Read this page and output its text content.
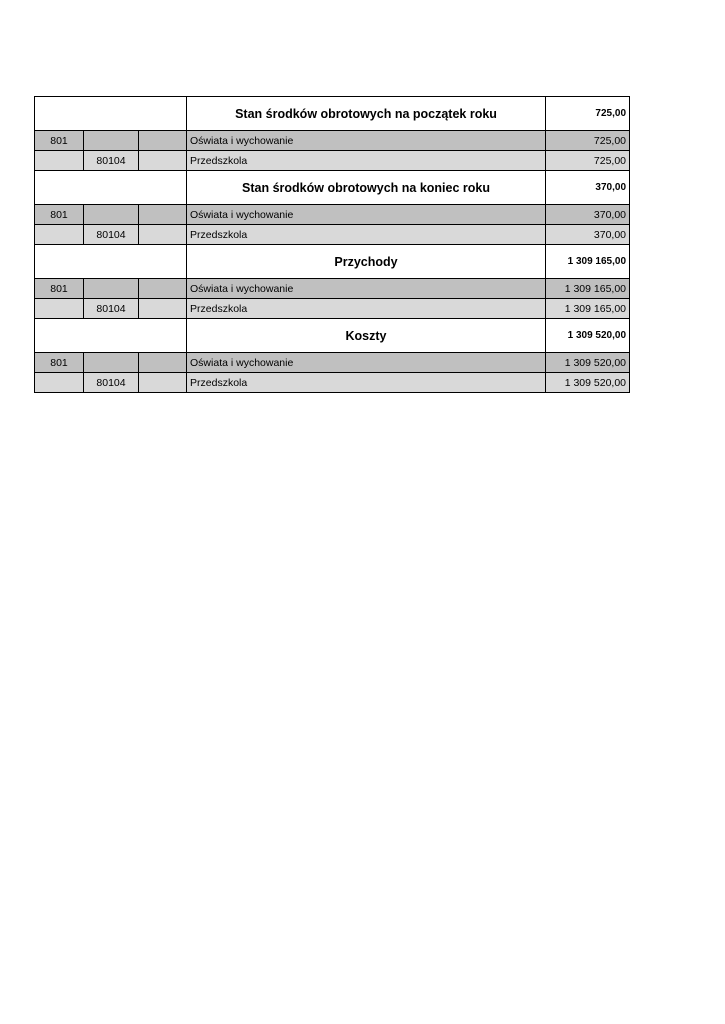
			Stan środków obrotowych na początek roku	725,00
801			Oświata i wychowanie	725,00
	80104		Przedszkola	725,00
			Stan środków obrotowych na koniec roku	370,00
801			Oświata i wychowanie	370,00
	80104		Przedszkola	370,00
			Przychody	1 309 165,00
801			Oświata i wychowanie	1 309 165,00
	80104		Przedszkola	1 309 165,00
			Koszty	1 309 520,00
801			Oświata i wychowanie	1 309 520,00
	80104		Przedszkola	1 309 520,00
